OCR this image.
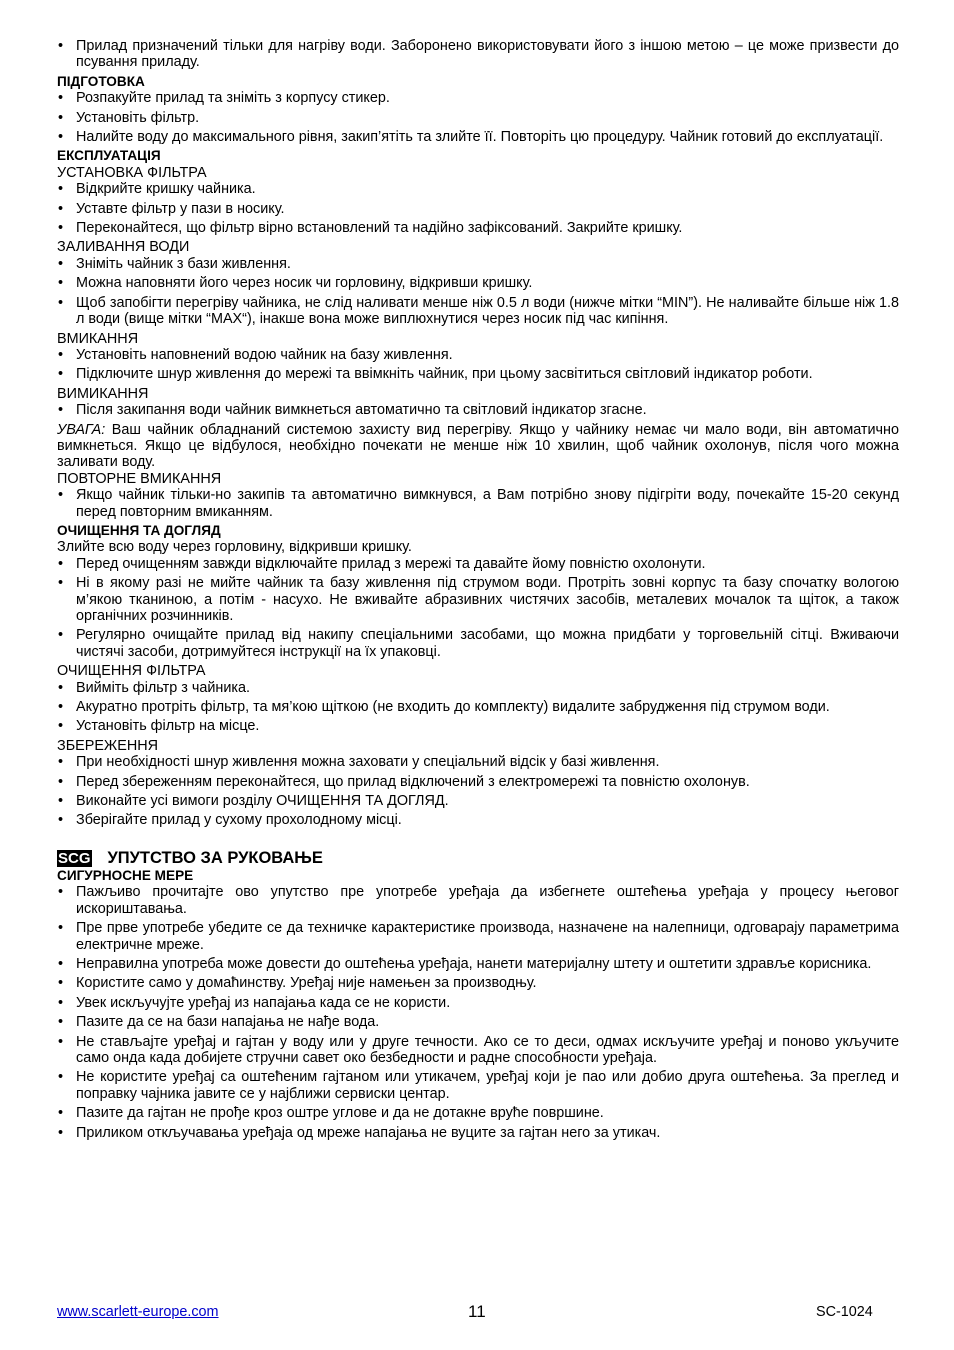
• Прилад призначений тільки для нагріву води. Заборонено використовувати його з іншою метою – це може призвести до псування приладу.
ПІДГОТОВКА
• Розпакуйте прилад та зніміть з корпусу стикер.
• Установіть фільтр.
• Налийте воду до максимального рівня, закип’ятіть та злийте її. Повторіть цю процедуру. Чайник готовий до експлуатації.
ЕКСПЛУАТАЦІЯ
УСТАНОВКА ФІЛЬТРА
• Відкрийте кришку чайника.
• Уставте фільтр у пази в носику.
• Переконайтеся, що фільтр вірно встановлений та надійно зафіксований. Закрийте кришку.
ЗАЛИВАННЯ ВОДИ
• Зніміть чайник з бази живлення.
• Можна наповняти його через носик чи горловину, відкривши кришку.
• Щоб запобігти перегріву чайника, не слід наливати менше ніж 0.5 л води (нижче мітки “MIN”). Не наливайте більше ніж 1.8 л води (вище мітки “MAX“), інакше вона може виплюхнутися через носик під час кипіння.
ВМИКАННЯ
• Установіть наповнений водою чайник на базу живлення.
• Підключите шнур живлення до мережі та ввімкніть чайник, при цьому засвітиться світловий індикатор роботи.
ВИМИКАННЯ
• Після закипання води чайник вимкнеться автоматично та світловий індикатор згасне.
УВАГА: Ваш чайник обладнаний системою захисту вид перегріву. Якщо у чайнику немає чи мало води, він автоматично вимкнеться. Якщо це відбулося, необхідно почекати не менше ніж 10 хвилин, щоб чайник охолонув, після чого можна заливати воду.
ПОВТОРНЕ ВМИКАННЯ
• Якщо чайник тільки-но закипів та автоматично вимкнувся, а Вам потрібно знову підігріти воду, почекайте 15-20 секунд перед повторним вмиканням.
ОЧИЩЕННЯ ТА ДОГЛЯД
Злийте всю воду через горловину, відкривши кришку.
• Перед очищенням завжди відключайте прилад з мережі та давайте йому повністю охолонути.
• Ні в якому разі не мийте чайник та базу живлення під струмом води. Протріть зовні корпус та базу спочатку вологою м’якою тканиною, а потім - насухо. Не вживайте абразивних чистячих засобів, металевих мочалок та щіток, а також органічних розчинників.
• Регулярно очищайте прилад від накипу спеціальними засобами, що можна придбати у торговельній сітці. Вживаючи чистячі засоби, дотримуйтеся інструкції на їх упаковці.
ОЧИЩЕННЯ ФІЛЬТРА
• Вийміть фільтр з чайника.
• Акуратно протріть фільтр, та мя’кою щіткою (не входить до комплекту) видалите забрудження під струмом води.
• Установіть фільтр на місце.
ЗБЕРЕЖЕННЯ
• При необхідності шнур живлення можна заховати у спеціальний відсік у базі живлення.
• Перед збереженням переконайтеся, що прилад відключений з електромережі та повністю охолонув.
• Виконайте усі вимоги розділу ОЧИЩЕННЯ ТА ДОГЛЯД.
• Зберігайте прилад у сухому прохолодному місці.
SCG УПУТСТВО ЗА РУКОВАЊЕ
СИГУРНОСНЕ МЕРЕ
• Пажљиво прочитајте ово упутство пре употребе уређаја да избегнете оштећења уређаја у процесу његовог искориштавања.
• Пре прве употребе убедите се да техничке карактеристике производа, назначене на налепници, одговарају параметрима електричне мреже.
• Неправилна употреба може довести до оштећења уређаја, нанети материјалну штету и оштетити здравље корисника.
• Користите само у домаћинству. Уређај није намењен за производњу.
• Увек искључујте уређај из напајања када се не користи.
• Пазите да се на бази напајања не нађе вода.
• Не стављајте уређај и гајтан у воду или у друге течности. Ако се то деси, одмах искључите уређај и поново укључите само онда када добијете стручни савет око безбедности и радне способности уређаја.
• Не користите уређај са оштећеним гајтаном или утикачем, уређај који је пао или добио друга оштећења. За преглед и поправку чајника јавите се у најближи сервиски центар.
• Пазите да гајтан не прође кроз оштре углове и да не дотакне вруће површине.
• Приликом откључавања уређаја од мреже напајања не вуците за гајтан него за утикач.
www.scarlett-europe.com	11	SC-1024
